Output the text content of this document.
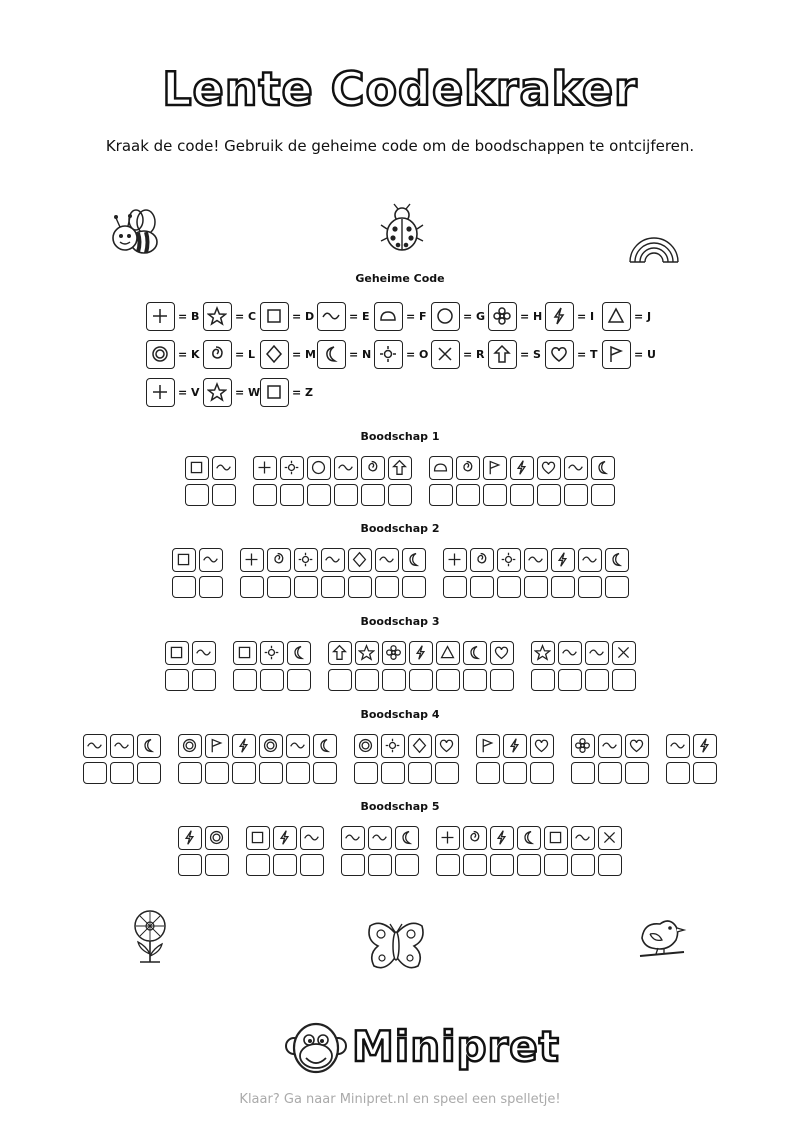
Lente Codekraker
Kraak de code! Gebruik de geheime code om de boodschappen te ontcijferen.
Geheime Code
= B	= C	= D	= E	= F	= G	= H	= I	= J
= K	= L	= M	= N	= O	= R	= S	= T	= U
= V	= W	= Z
Boodschap 1
Boodschap 2
Boodschap 3
Boodschap 4
Boodschap 5
Minipret
Klaar? Ga naar Minipret.nl en speel een spelletje!
